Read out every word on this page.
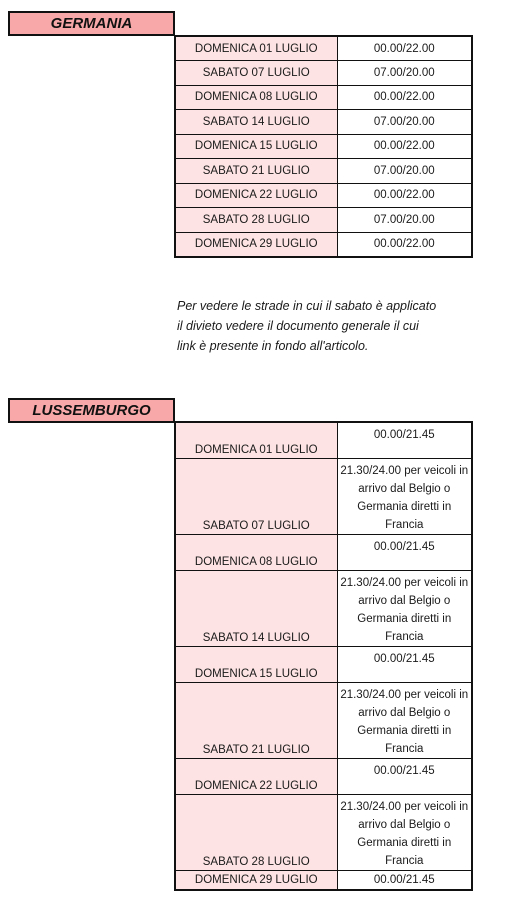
GERMANIA
DOMENICA 01 LUGLIO	00.00/22.00
SABATO 07 LUGLIO	07.00/20.00
DOMENICA 08 LUGLIO	00.00/22.00
SABATO 14 LUGLIO	07.00/20.00
DOMENICA 15 LUGLIO	00.00/22.00
SABATO 21 LUGLIO	07.00/20.00
DOMENICA 22 LUGLIO	00.00/22.00
SABATO 28 LUGLIO	07.00/20.00
DOMENICA 29 LUGLIO	00.00/22.00
Per vedere le strade in cui il sabato è applicato
il divieto vedere il documento generale il cui
link è presente in fondo all'articolo.
LUSSEMBURGO
DOMENICA 01 LUGLIO	00.00/21.45
SABATO 07 LUGLIO	21.30/24.00 per veicoli in arrivo dal Belgio o Germania diretti in Francia
DOMENICA 08 LUGLIO	00.00/21.45
SABATO 14 LUGLIO	21.30/24.00 per veicoli in arrivo dal Belgio o Germania diretti in Francia
DOMENICA 15 LUGLIO	00.00/21.45
SABATO 21 LUGLIO	21.30/24.00 per veicoli in arrivo dal Belgio o Germania diretti in Francia
DOMENICA 22 LUGLIO	00.00/21.45
SABATO 28 LUGLIO	21.30/24.00 per veicoli in arrivo dal Belgio o Germania diretti in Francia
DOMENICA 29 LUGLIO	00.00/21.45
